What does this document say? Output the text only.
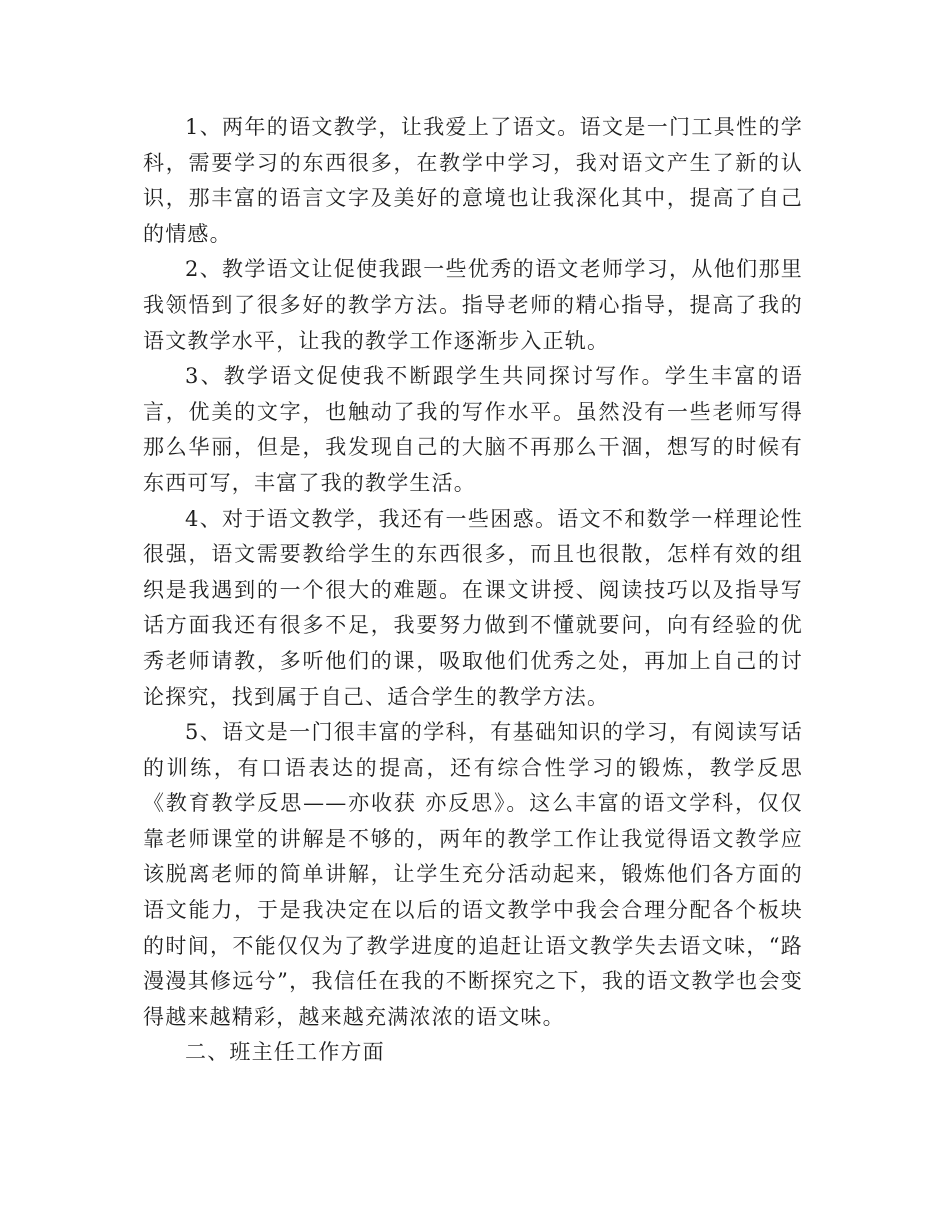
1、两年的语文教学，让我爱上了语文。语文是一门工具性的学科，需要学习的东西很多，在教学中学习，我对语文产生了新的认识，那丰富的语言文字及美好的意境也让我深化其中，提高了自己的情感。

2、教学语文让促使我跟一些优秀的语文老师学习，从他们那里我领悟到了很多好的教学方法。指导老师的精心指导，提高了我的语文教学水平，让我的教学工作逐渐步入正轨。

3、教学语文促使我不断跟学生共同探讨写作。学生丰富的语言，优美的文字，也触动了我的写作水平。虽然没有一些老师写得那么华丽，但是，我发现自己的大脑不再那么干涸，想写的时候有东西可写，丰富了我的教学生活。

4、对于语文教学，我还有一些困惑。语文不和数学一样理论性很强，语文需要教给学生的东西很多，而且也很散，怎样有效的组织是我遇到的一个很大的难题。在课文讲授、阅读技巧以及指导写话方面我还有很多不足，我要努力做到不懂就要问，向有经验的优秀老师请教，多听他们的课，吸取他们优秀之处，再加上自己的讨论探究，找到属于自己、适合学生的教学方法。

5、语文是一门很丰富的学科，有基础知识的学习，有阅读写话的训练，有口语表达的提高，还有综合性学习的锻炼，教学反思《教育教学反思——亦收获 亦反思》。这么丰富的语文学科，仅仅靠老师课堂的讲解是不够的，两年的教学工作让我觉得语文教学应该脱离老师的简单讲解，让学生充分活动起来，锻炼他们各方面的语文能力，于是我决定在以后的语文教学中我会合理分配各个板块的时间，不能仅仅为了教学进度的追赶让语文教学失去语文味，“路漫漫其修远兮”，我信任在我的不断探究之下，我的语文教学也会变得越来越精彩，越来越充满浓浓的语文味。

二、班主任工作方面
